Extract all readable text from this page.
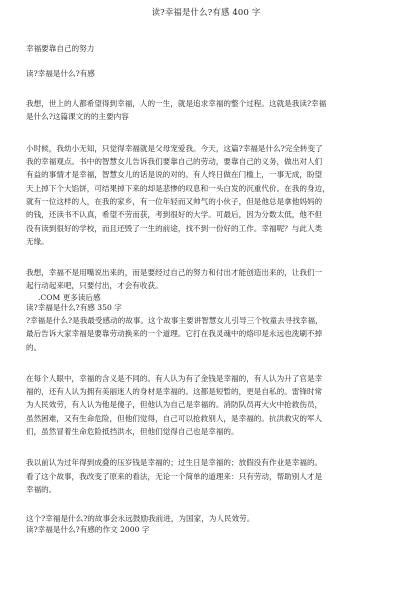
读?幸福是什么?有感 400 字

幸福要靠自己的努力

读?幸福是什么?有感

我想，世上的人都希望得到幸福，人的一生，就是追求幸福的整个过程。这就是我读?幸福
是什么?这篇课文的的主要内容
小时候，我幼小无知，只觉得幸福就是父母宠爱我。今天，这篇?幸福是什么?完全转变了
我的幸福观点。书中的智慧女儿告诉我们要靠自己的劳动，要靠自己的义务，做出对人们
有益的事情才是幸福，智慧女儿的话是说的对的。有人终日做在门槛上，一事无成，盼望
天上掉下个大馅饼，可结果掉下来的却是悲惨的叹息和一头白发的沉重代价。在我的身边，
就有一位这样的人，在我的家乡，有一位年轻而又帅气的小伙子，但是他总是拿他妈妈的
的钱，还读书不认真，希望不劳而获，考到很好的大学。可最后，因为分数太低，他不但
没有读到很好的学校，而且还毁了一生的前途，找不到一份好的工作。幸福呢？与此人类
无缘。
我想，幸福不是用嘴说出来的，而是要经过自己的努力和付出才能创造出来的，让我们一
起行动起来吧，只要付出，才会有收获。

.COM 更多读后感

读?幸福是什么?有感 350 字

?幸福是什么?是我最受感动的故事。这个故事主要讲智慧女儿引导三个牧童去寻找幸福，
最后告诉大家幸福是要靠劳动换来的一个道理。它打在我灵魂中的烙印是永远也洗刷不掉
的。
在每个人眼中，幸福的含义是不同的。有人认为有了金钱是幸福的，有人认为升了官是幸
福的，还有人认为拥有美丽迷人的身材是幸福的。这都是短暂的，更是自私的。雷锋时常
为人民效劳，有人认为他是傻子，但他认为自己是幸福的。消防队员再大火中抢救伤员，
虽然困难，又有生命危险，但他们觉得，自己可以抢救别人，是幸福的。抗洪救灾的军人
们，虽然冒着生命危险抵挡洪水，但他们觉得自己也是幸福的。
我以前认为过年得到成叠的压岁钱是幸福的；过生日是幸福的；放假没有作业是幸福的。
看了这个故事，我改变了原来的看法，无论一个简单的道理来：只有劳动，帮助别人才是
幸福的。

这个?幸福是什么?的故事会永远鼓励我前进，为国家，为人民效劳。

读?幸福是什么?有感的作文 2000 字
